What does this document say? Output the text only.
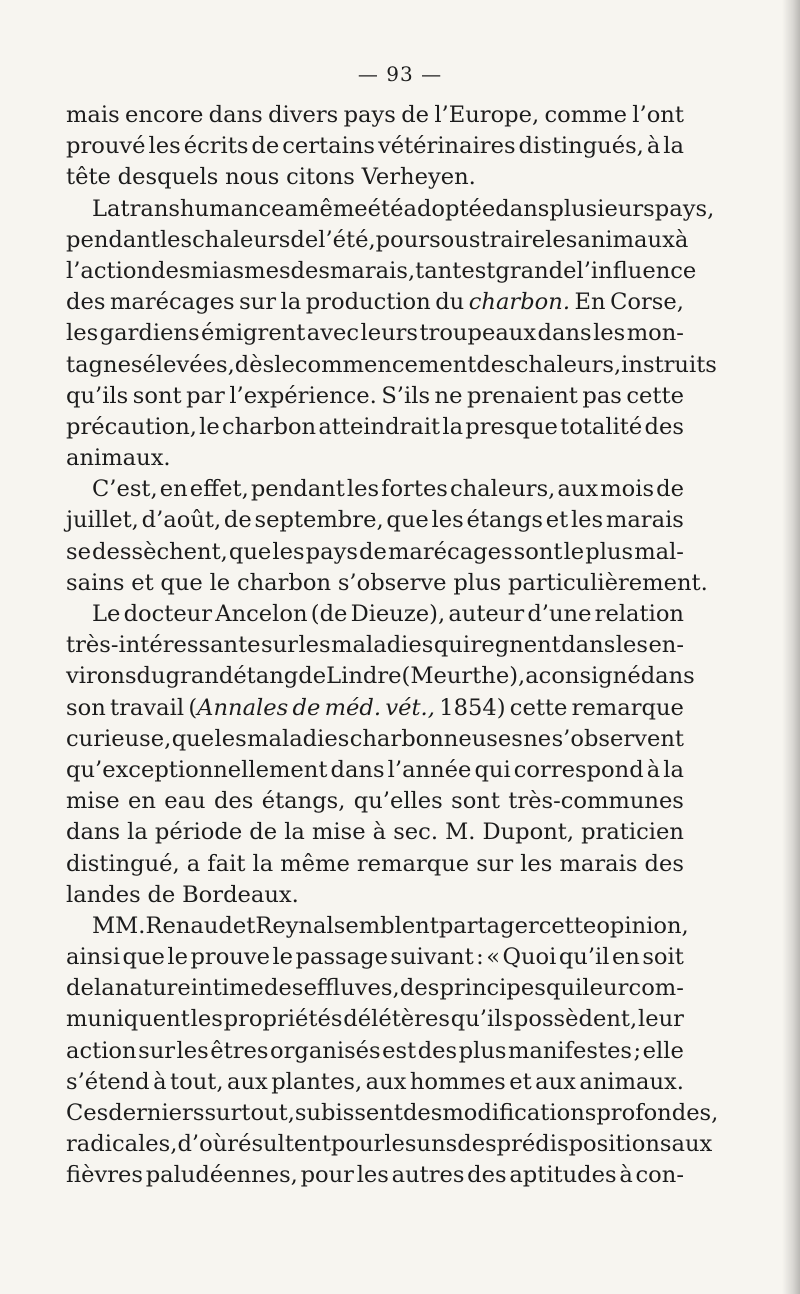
— 93 —
mais encore dans divers pays de l’Europe, comme l’ont
prouvé les écrits de certains vétérinaires distingués, à la
tête desquels nous citons Verheyen.
La transhumance a même été adoptée dans plusieurs pays,
pendant les chaleurs de l’été, pour soustraire les animaux à
l’action des miasmes des marais, tant est grande l’influence
des marécages sur la production du charbon. En Corse,
les gardiens émigrent avec leurs troupeaux dans les mon-
tagnes élevées, dès le commencement des chaleurs, instruits
qu’ils sont par l’expérience. S’ils ne prenaient pas cette
précaution, le charbon atteindrait la presque totalité des
animaux.
C’est, en effet, pendant les fortes chaleurs, aux mois de
juillet, d’août, de septembre, que les étangs et les marais
se dessèchent, que les pays de marécages sont le plus mal-
sains et que le charbon s’observe plus particulièrement.
Le docteur Ancelon (de Dieuze), auteur d’une relation
très-intéressante sur les maladies qui regnent dans les en-
virons du grand étang de Lindre (Meurthe), a consigné dans
son travail (Annales de méd. vét., 1854) cette remarque
curieuse, que les maladies charbonneuses ne s’observent
qu’exceptionnellement dans l’année qui correspond à la
mise en eau des étangs, qu’elles sont très-communes
dans la période de la mise à sec. M. Dupont, praticien
distingué, a fait la même remarque sur les marais des
landes de Bordeaux.
MM. Renaud et Reynal semblent partager cette opinion,
ainsi que le prouve le passage suivant : « Quoi qu’il en soit
de la nature intime des effluves, des principes qui leur com-
muniquent les propriétés délétères qu’ils possèdent, leur
action sur les êtres organisés est des plus manifestes ; elle
s’étend à tout, aux plantes, aux hommes et aux animaux.
Ces derniers surtout, subissent des modifications profondes,
radicales, d’où résultent pour les uns des prédispositions aux
fièvres paludéennes, pour les autres des aptitudes à con-
